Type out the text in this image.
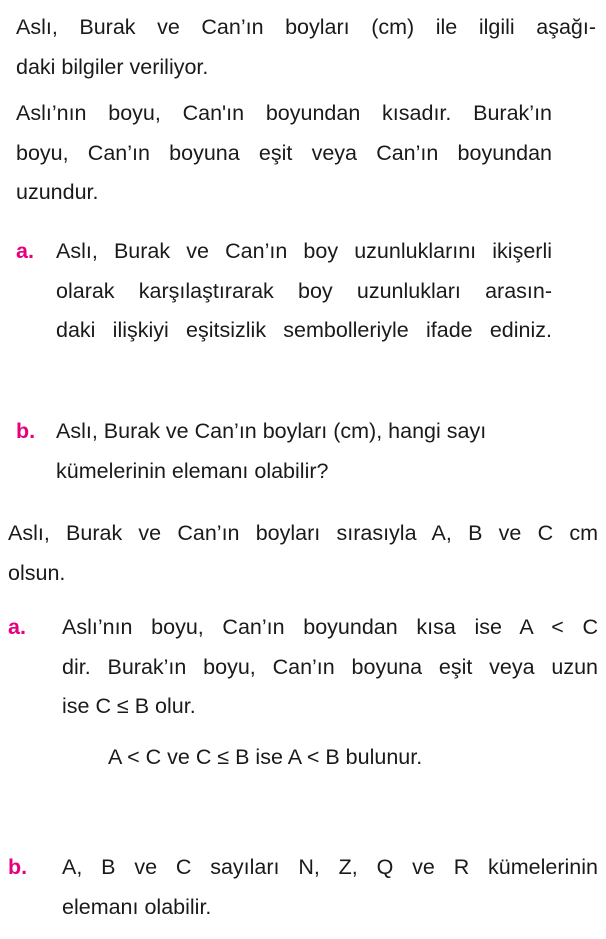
Aslı, Burak ve Can’ın boyları (cm) ile ilgili aşağı-
daki bilgiler veriliyor.
Aslı’nın boyu, Can'ın boyundan kısadır. Burak’ın
boyu, Can’ın boyuna eşit veya Can’ın boyundan
uzundur.
a. Aslı, Burak ve Can’ın boy uzunluklarını ikişerli
olarak karşılaştırarak boy uzunlukları arasın-
daki ilişkiyi eşitsizlik sembolleriyle ifade ediniz.
b. Aslı, Burak ve Can’ın boyları (cm), hangi sayı
kümelerinin elemanı olabilir?
Aslı, Burak ve Can’ın boyları sırasıyla A, B ve C cm
olsun.
a. Aslı’nın boyu, Can’ın boyundan kısa ise A < C
dir. Burak’ın boyu, Can’ın boyuna eşit veya uzun
ise C ≤ B olur.
A < C ve C ≤ B ise A < B bulunur.
b. A, B ve C sayıları N, Z, Q ve R kümelerinin
elemanı olabilir.
